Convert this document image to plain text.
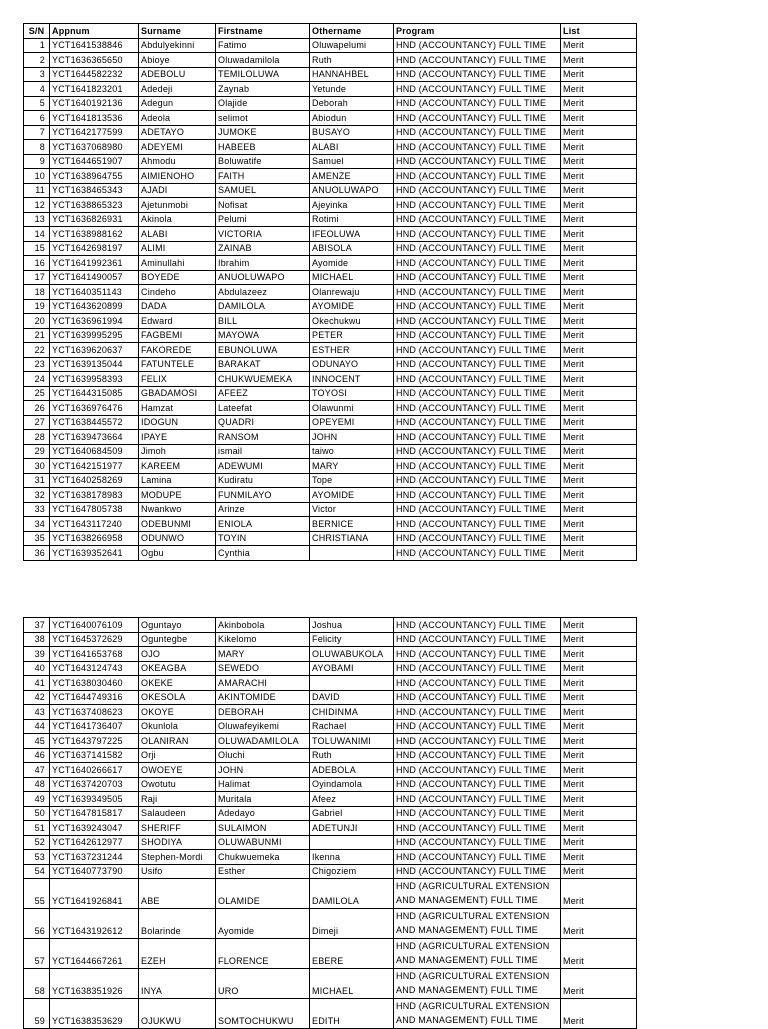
S/N	Appnum	Surname	Firstname	Othername	Program	List
1	YCT1641538846	Abdulyekinni	Fatimo	Oluwapelumi	HND (ACCOUNTANCY) FULL TIME	Merit
2	YCT1636365650	Abioye	Oluwadamilola	Ruth	HND (ACCOUNTANCY) FULL TIME	Merit
3	YCT1644582232	ADEBOLU	TEMILOLUWA	HANNAHBEL	HND (ACCOUNTANCY) FULL TIME	Merit
4	YCT1641823201	Adedeji	Zaynab	Yetunde	HND (ACCOUNTANCY) FULL TIME	Merit
5	YCT1640192136	Adegun	Olajide	Deborah	HND (ACCOUNTANCY) FULL TIME	Merit
6	YCT1641813536	Adeola	selimot	Abiodun	HND (ACCOUNTANCY) FULL TIME	Merit
7	YCT1642177599	ADETAYO	JUMOKE	BUSAYO	HND (ACCOUNTANCY) FULL TIME	Merit
8	YCT1637068980	ADEYEMI	HABEEB	ALABI	HND (ACCOUNTANCY) FULL TIME	Merit
9	YCT1644651907	Ahmodu	Boluwatife	Samuel	HND (ACCOUNTANCY) FULL TIME	Merit
10	YCT1638964755	AIMIENOHO	FAITH	AMENZE	HND (ACCOUNTANCY) FULL TIME	Merit
11	YCT1638465343	AJADI	SAMUEL	ANUOLUWAPO	HND (ACCOUNTANCY) FULL TIME	Merit
12	YCT1638865323	Ajetunmobi	Nofisat	Ajeyinka	HND (ACCOUNTANCY) FULL TIME	Merit
13	YCT1636826931	Akinola	Pelumi	Rotimi	HND (ACCOUNTANCY) FULL TIME	Merit
14	YCT1638988162	ALABI	VICTORIA	IFEOLUWA	HND (ACCOUNTANCY) FULL TIME	Merit
15	YCT1642698197	ALIMI	ZAINAB	ABISOLA	HND (ACCOUNTANCY) FULL TIME	Merit
16	YCT1641992361	Aminullahi	Ibrahim	Ayomide	HND (ACCOUNTANCY) FULL TIME	Merit
17	YCT1641490057	BOYEDE	ANUOLUWAPO	MICHAEL	HND (ACCOUNTANCY) FULL TIME	Merit
18	YCT1640351143	Cindeho	Abdulazeez	Olanrewaju	HND (ACCOUNTANCY) FULL TIME	Merit
19	YCT1643620899	DADA	DAMILOLA	AYOMIDE	HND (ACCOUNTANCY) FULL TIME	Merit
20	YCT1636961994	Edward	BILL	Okechukwu	HND (ACCOUNTANCY) FULL TIME	Merit
21	YCT1639995295	FAGBEMI	MAYOWA	PETER	HND (ACCOUNTANCY) FULL TIME	Merit
22	YCT1639620637	FAKOREDE	EBUNOLUWA	ESTHER	HND (ACCOUNTANCY) FULL TIME	Merit
23	YCT1639135044	FATUNTELE	BARAKAT	ODUNAYO	HND (ACCOUNTANCY) FULL TIME	Merit
24	YCT1639958393	FELIX	CHUKWUEMEKA	INNOCENT	HND (ACCOUNTANCY) FULL TIME	Merit
25	YCT1644315085	GBADAMOSI	AFEEZ	TOYOSI	HND (ACCOUNTANCY) FULL TIME	Merit
26	YCT1636976476	Hamzat	Lateefat	Olawunmi	HND (ACCOUNTANCY) FULL TIME	Merit
27	YCT1638445572	IDOGUN	QUADRI	OPEYEMI	HND (ACCOUNTANCY) FULL TIME	Merit
28	YCT1639473664	IPAYE	RANSOM	JOHN	HND (ACCOUNTANCY) FULL TIME	Merit
29	YCT1640684509	Jimoh	ismail	taiwo	HND (ACCOUNTANCY) FULL TIME	Merit
30	YCT1642151977	KAREEM	ADEWUMI	MARY	HND (ACCOUNTANCY) FULL TIME	Merit
31	YCT1640258269	Lamina	Kudiratu	Tope	HND (ACCOUNTANCY) FULL TIME	Merit
32	YCT1638178983	MODUPE	FUNMILAYO	AYOMIDE	HND (ACCOUNTANCY) FULL TIME	Merit
33	YCT1647805738	Nwankwo	Arinze	Victor	HND (ACCOUNTANCY) FULL TIME	Merit
34	YCT1643117240	ODEBUNMI	ENIOLA	BERNICE	HND (ACCOUNTANCY) FULL TIME	Merit
35	YCT1638266958	ODUNWO	TOYIN	CHRISTIANA	HND (ACCOUNTANCY) FULL TIME	Merit
36	YCT1639352641	Ogbu	Cynthia		HND (ACCOUNTANCY) FULL TIME	Merit
37	YCT1640076109	Oguntayo	Akinbobola	Joshua	HND (ACCOUNTANCY) FULL TIME	Merit
38	YCT1645372629	Oguntegbe	Kikelomo	Felicity	HND (ACCOUNTANCY) FULL TIME	Merit
39	YCT1641653768	OJO	MARY	OLUWABUKOLA	HND (ACCOUNTANCY) FULL TIME	Merit
40	YCT1643124743	OKEAGBA	SEWEDO	AYOBAMI	HND (ACCOUNTANCY) FULL TIME	Merit
41	YCT1638030460	OKEKE	AMARACHI		HND (ACCOUNTANCY) FULL TIME	Merit
42	YCT1644749316	OKESOLA	AKINTOMIDE	DAVID	HND (ACCOUNTANCY) FULL TIME	Merit
43	YCT1637408623	OKOYE	DEBORAH	CHIDINMA	HND (ACCOUNTANCY) FULL TIME	Merit
44	YCT1641736407	Okunlola	Oluwafeyikemi	Rachael	HND (ACCOUNTANCY) FULL TIME	Merit
45	YCT1643797225	OLANIRAN	OLUWADAMILOLA	TOLUWANIMI	HND (ACCOUNTANCY) FULL TIME	Merit
46	YCT1637141582	Orji	Oluchi	Ruth	HND (ACCOUNTANCY) FULL TIME	Merit
47	YCT1640266617	OWOEYE	JOHN	ADEBOLA	HND (ACCOUNTANCY) FULL TIME	Merit
48	YCT1637420703	Owotutu	Halimat	Oyindamola	HND (ACCOUNTANCY) FULL TIME	Merit
49	YCT1639349505	Raji	Muritala	Afeez	HND (ACCOUNTANCY) FULL TIME	Merit
50	YCT1647815817	Salaudeen	Adedayo	Gabriel	HND (ACCOUNTANCY) FULL TIME	Merit
51	YCT1639243047	SHERIFF	SULAIMON	ADETUNJI	HND (ACCOUNTANCY) FULL TIME	Merit
52	YCT1642612977	SHODIYA	OLUWABUNMI		HND (ACCOUNTANCY) FULL TIME	Merit
53	YCT1637231244	Stephen-Mordi	Chukwuemeka	Ikenna	HND (ACCOUNTANCY) FULL TIME	Merit
54	YCT1640773790	Usifo	Esther	Chigoziem	HND (ACCOUNTANCY) FULL TIME	Merit
55	YCT1641926841	ABE	OLAMIDE	DAMILOLA	HND (AGRICULTURAL EXTENSION AND MANAGEMENT) FULL TIME	Merit
56	YCT1643192612	Bolarinde	Ayomide	Dimeji	HND (AGRICULTURAL EXTENSION AND MANAGEMENT) FULL TIME	Merit
57	YCT1644667261	EZEH	FLORENCE	EBERE	HND (AGRICULTURAL EXTENSION AND MANAGEMENT) FULL TIME	Merit
58	YCT1638351926	INYA	URO	MICHAEL	HND (AGRICULTURAL EXTENSION AND MANAGEMENT) FULL TIME	Merit
59	YCT1638353629	OJUKWU	SOMTOCHUKWU	EDITH	HND (AGRICULTURAL EXTENSION AND MANAGEMENT) FULL TIME	Merit
